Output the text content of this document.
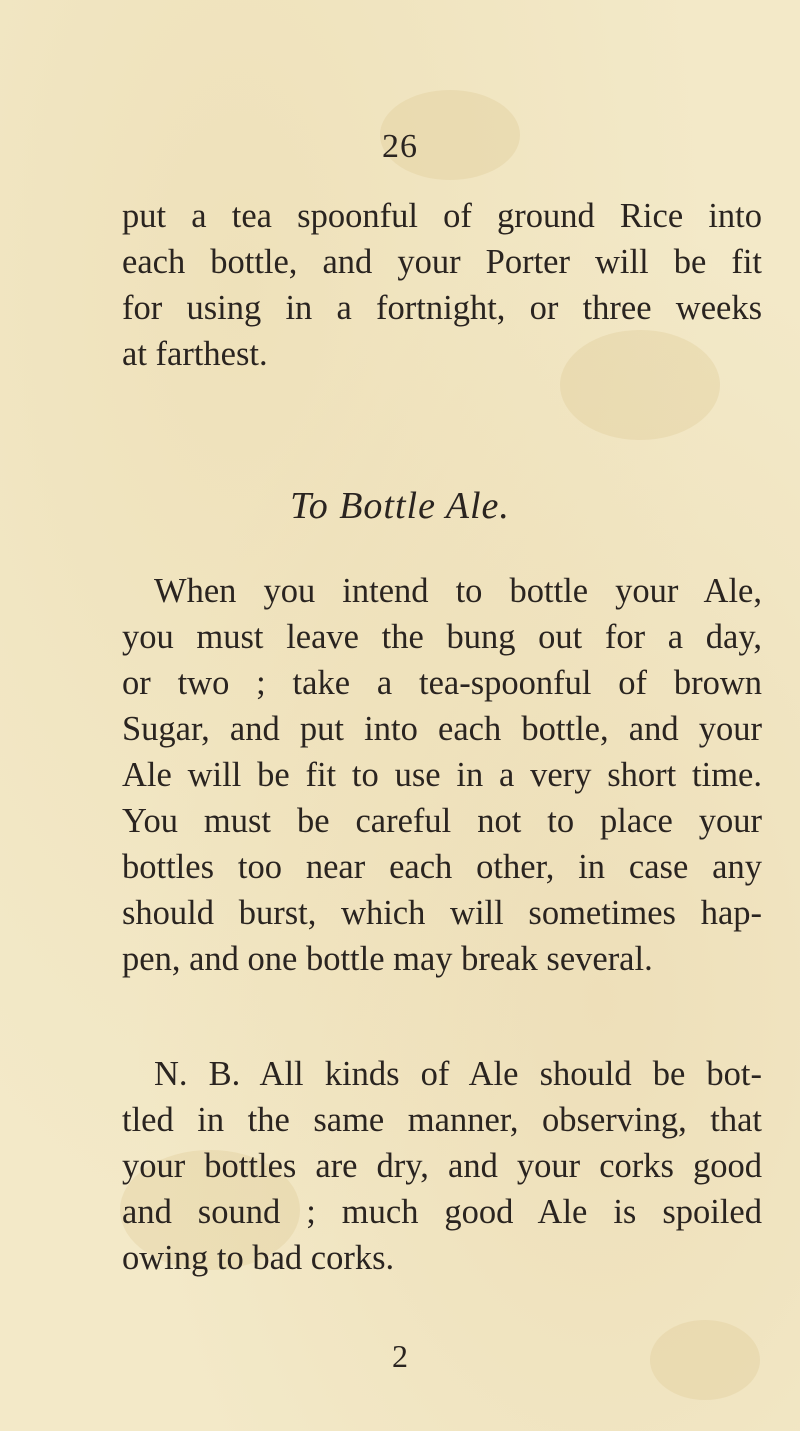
26
put a tea spoonful of ground Rice into
each bottle, and your Porter will be fit
for using in a fortnight, or three weeks
at farthest.
To Bottle Ale.
When you intend to bottle your Ale,
you must leave the bung out for a day,
or two ; take a tea-spoonful of brown
Sugar, and put into each bottle, and your
Ale will be fit to use in a very short time.
You must be careful not to place your
bottles too near each other, in case any
should burst, which will sometimes hap-
pen, and one bottle may break several.
N. B. All kinds of Ale should be bot-
tled in the same manner, observing, that
your bottles are dry, and your corks good
and sound ; much good Ale is spoiled
owing to bad corks.
2
